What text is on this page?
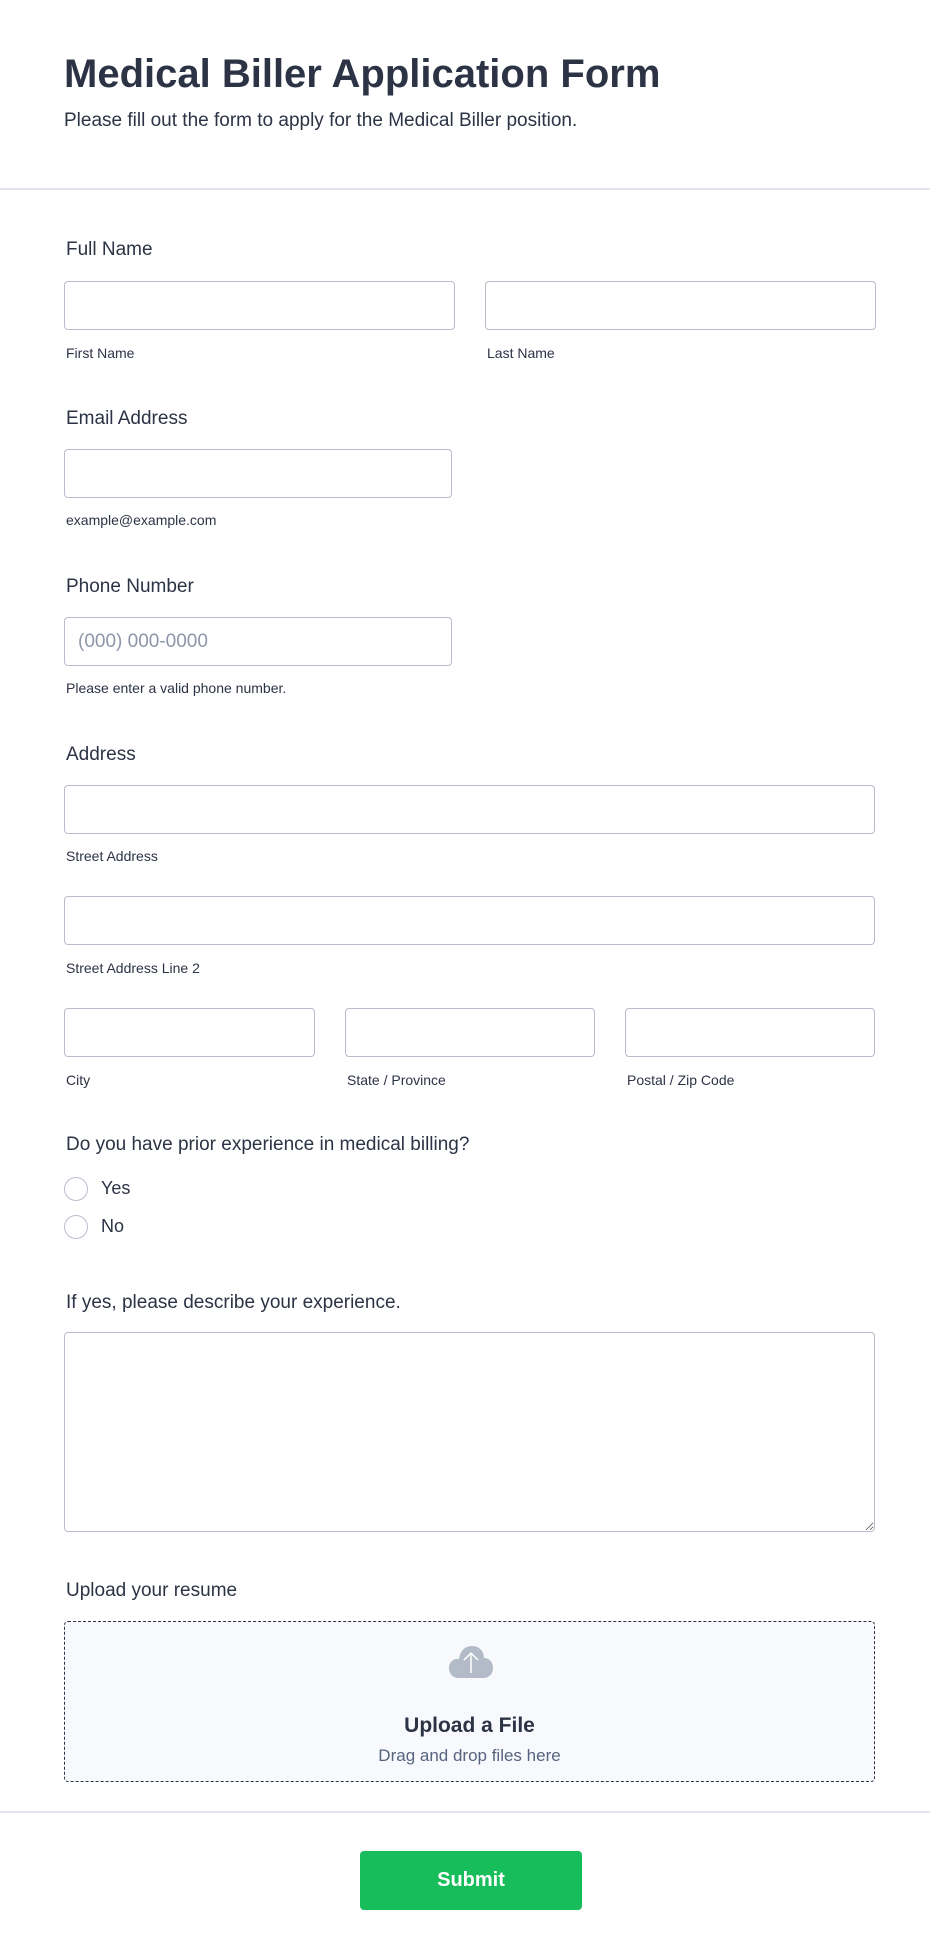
Medical Biller Application Form
Please fill out the form to apply for the Medical Biller position.
Full Name
First Name	Last Name
Email Address
example@example.com
Phone Number
(000) 000-0000
Please enter a valid phone number.
Address
Street Address
Street Address Line 2
City	State / Province	Postal / Zip Code
Do you have prior experience in medical billing?
Yes
No
If yes, please describe your experience.
Upload your resume
Upload a File
Drag and drop files here
Submit
